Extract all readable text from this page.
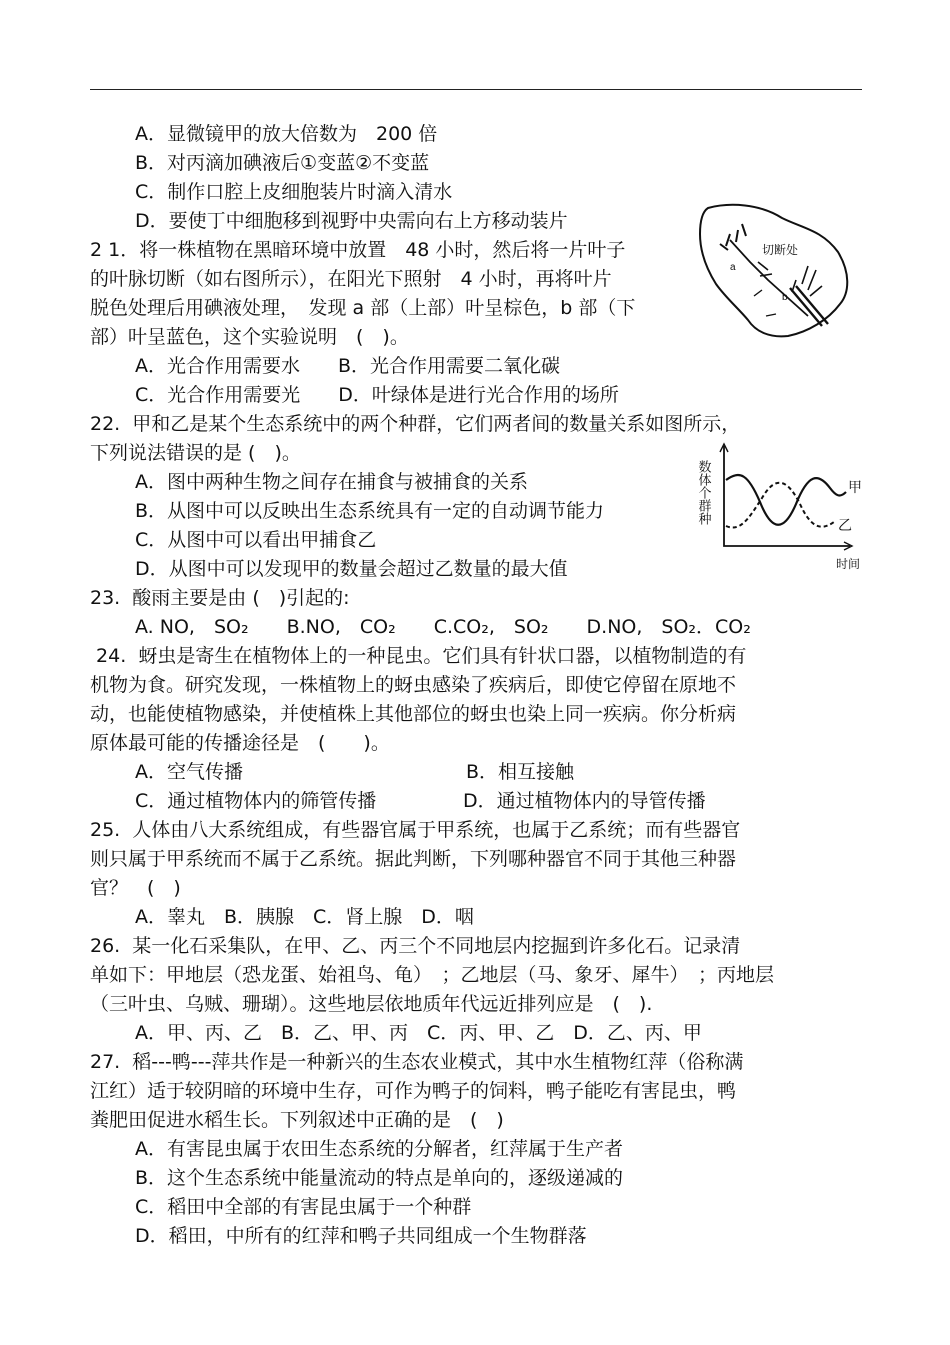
A．显微镜甲的放大倍数为　200 倍
B．对丙滴加碘液后①变蓝②不变蓝
C．制作口腔上皮细胞装片时滴入清水
D．要使丁中细胞移到视野中央需向右上方移动装片
2 1．将一株植物在黑暗环境中放置　48 小时，然后将一片叶子
的叶脉切断（如右图所示），在阳光下照射　4 小时，再将叶片
脱色处理后用碘液处理，　发现 a 部（上部）叶呈棕色，b 部（下
部）叶呈蓝色，这个实验说明　(　)。
A．光合作用需要水　　B．光合作用需要二氧化碳
C．光合作用需要光　　D．叶绿体是进行光合作用的场所
切断处
a
b
22.  甲和乙是某个生态系统中的两个种群，它们两者间的数量关系如图所示，
下列说法错误的是 (　)。
A．图中两种生物之间存在捕食与被捕食的关系
B．从图中可以反映出生态系统具有一定的自动调节能力
C．从图中可以看出甲捕食乙
D．从图中可以发现甲的数量会超过乙数量的最大值
数体个群种	甲
乙
时间
23.  酸雨主要是由 (　)引起的:
A. NO,　SO₂　　B.NO,　CO₂　　C.CO₂,　SO₂　　D.NO,　SO₂．CO₂
24.  蚜虫是寄生在植物体上的一种昆虫。它们具有针状口器，以植物制造的有
机物为食。研究发现，一株植物上的蚜虫感染了疾病后，即使它停留在原地不
动，也能使植物感染，并使植株上其他部位的蚜虫也染上同一疾病。你分析病
原体最可能的传播途径是　(　　)。
A．空气传播	B．相互接触
C．通过植物体内的筛管传播	D．通过植物体内的导管传播
25.  人体由八大系统组成，有些器官属于甲系统，也属于乙系统；而有些器官
则只属于甲系统而不属于乙系统。据此判断，下列哪种器官不同于其他三种器
官？　(　)
A．睾丸　B．胰腺　C．肾上腺　D．咽
26.  某一化石采集队，在甲、乙、丙三个不同地层内挖掘到许多化石。记录清
单如下：甲地层（恐龙蛋、始祖鸟、龟）　；乙地层（马、象牙、犀牛）　；丙地层
（三叶虫、乌贼、珊瑚）。这些地层依地质年代远近排列应是　(　).
A．甲、丙、乙　B．乙、甲、丙　C．丙、甲、乙　D．乙、丙、甲
27.  稻---鸭---萍共作是一种新兴的生态农业模式，其中水生植物红萍（俗称满
江红）适于较阴暗的环境中生存，可作为鸭子的饲料，鸭子能吃有害昆虫，鸭
粪肥田促进水稻生长。下列叙述中正确的是　(　)
A．有害昆虫属于农田生态系统的分解者，红萍属于生产者
B．这个生态系统中能量流动的特点是单向的，逐级递减的
C．稻田中全部的有害昆虫属于一个种群
D．稻田，中所有的红萍和鸭子共同组成一个生物群落
